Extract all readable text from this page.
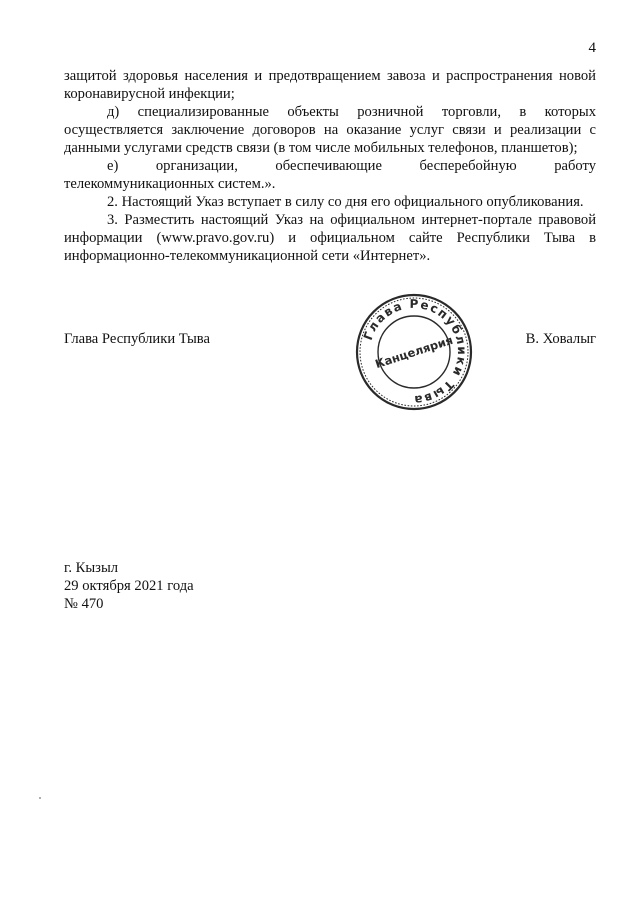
4

защитой здоровья населения и предотвращением завоза и распространения новой коронавирусной инфекции;

д) специализированные объекты розничной торговли, в которых осуществляется заключение договоров на оказание услуг связи и реализации с данными услугами средств связи (в том числе мобильных телефонов, планшетов);

е) организации, обеспечивающие бесперебойную работу

телекоммуникационных систем.».

2. Настоящий Указ вступает в силу со дня его официального опубликования.

3. Разместить настоящий Указ на официальном интернет-портале правовой информации (www.pravo.gov.ru) и официальном сайте Республики Тыва в информационно-телекоммуникационной сети «Интернет».

Глава Республики Тыва	В. Ховалыг
Глава Республики Тыва
Канцелярия
г. Кызыл
29 октября 2021 года
№ 470
